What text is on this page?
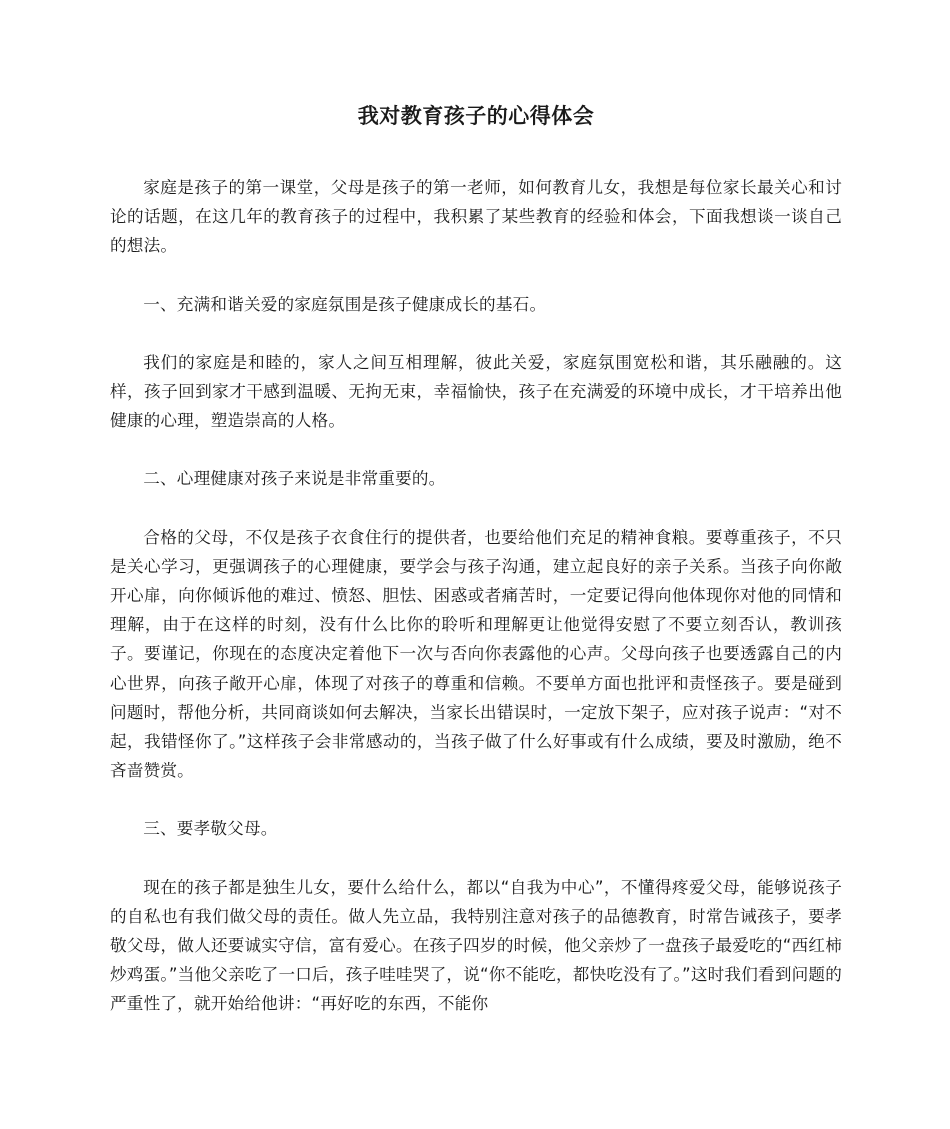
我对教育孩子的心得体会

家庭是孩子的第一课堂，父母是孩子的第一老师，如何教育儿女，我想是每位家长最关心和讨论的话题，在这几年的教育孩子的过程中，我积累了某些教育的经验和体会，下面我想谈一谈自己的想法。

一、充满和谐关爱的家庭氛围是孩子健康成长的基石。

我们的家庭是和睦的，家人之间互相理解，彼此关爱，家庭氛围宽松和谐，其乐融融的。这样，孩子回到家才干感到温暖、无拘无束，幸福愉快，孩子在充满爱的环境中成长，才干培养出他健康的心理，塑造崇高的人格。

二、心理健康对孩子来说是非常重要的。

合格的父母，不仅是孩子衣食住行的提供者，也要给他们充足的精神食粮。要尊重孩子，不只是关心学习，更强调孩子的心理健康，要学会与孩子沟通，建立起良好的亲子关系。当孩子向你敞开心扉，向你倾诉他的难过、愤怒、胆怯、困惑或者痛苦时，一定要记得向他体现你对他的同情和理解，由于在这样的时刻，没有什么比你的聆听和理解更让他觉得安慰了不要立刻否认，教训孩子。要谨记，你现在的态度决定着他下一次与否向你表露他的心声。父母向孩子也要透露自己的内心世界，向孩子敞开心扉，体现了对孩子的尊重和信赖。不要单方面也批评和责怪孩子。要是碰到问题时，帮他分析，共同商谈如何去解决，当家长出错误时，一定放下架子，应对孩子说声：“对不起，我错怪你了。”这样孩子会非常感动的，当孩子做了什么好事或有什么成绩，要及时激励，绝不吝啬赞赏。

三、要孝敬父母。

现在的孩子都是独生儿女，要什么给什么，都以“自我为中心”，不懂得疼爱父母，能够说孩子的自私也有我们做父母的责任。做人先立品，我特别注意对孩子的品德教育，时常告诫孩子，要孝敬父母，做人还要诚实守信，富有爱心。在孩子四岁的时候，他父亲炒了一盘孩子最爱吃的“西红柿炒鸡蛋。”当他父亲吃了一口后，孩子哇哇哭了，说“你不能吃，都快吃没有了。”这时我们看到问题的严重性了，就开始给他讲：“再好吃的东西，不能你
